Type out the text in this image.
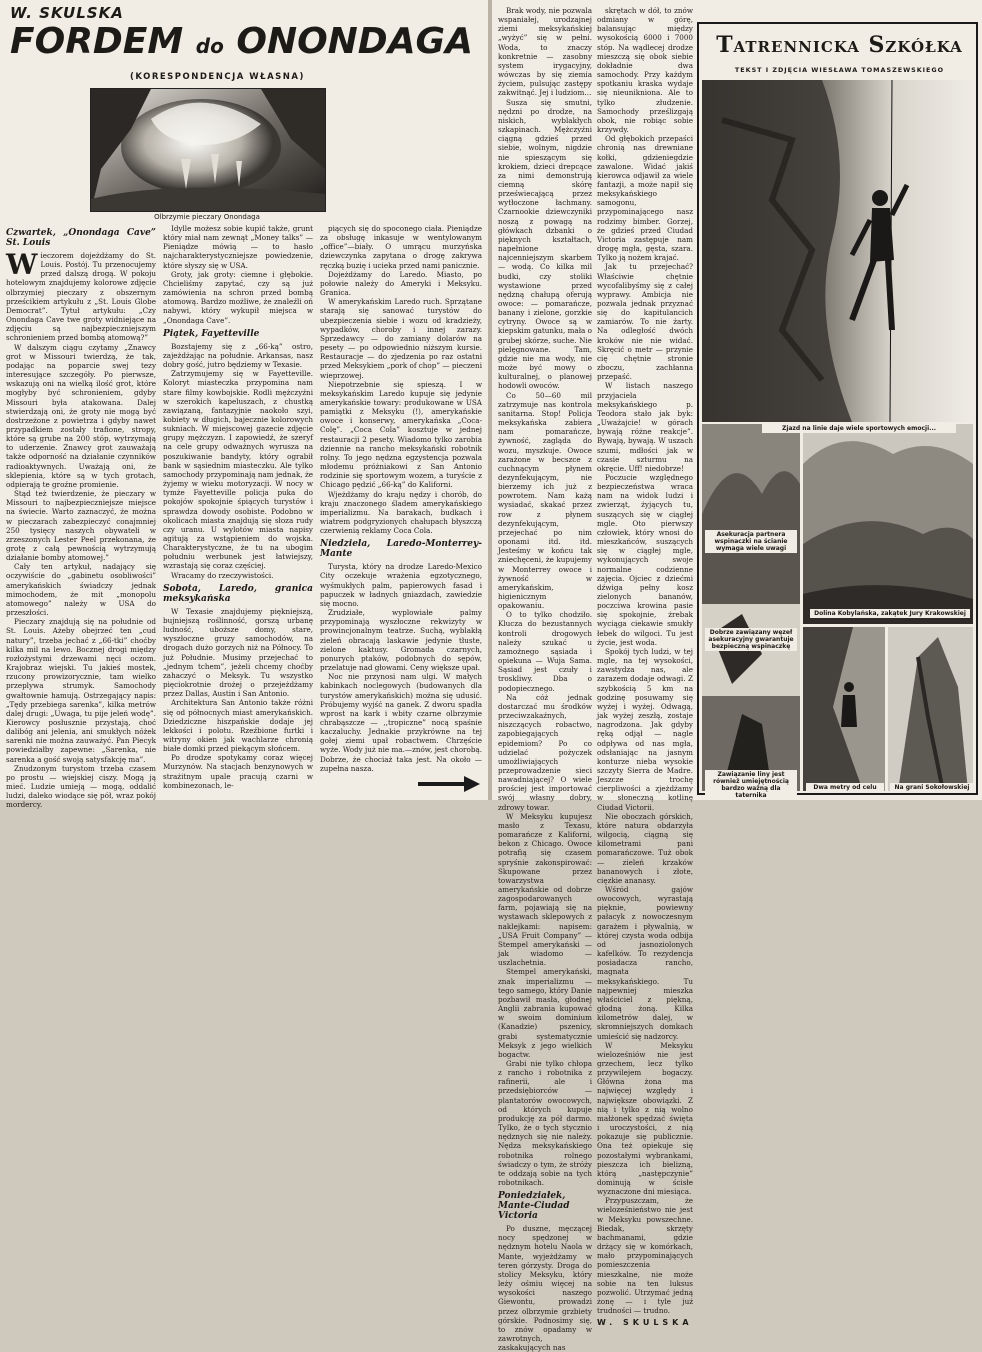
W. SKULSKA
FORDEM do ONONDAGA
(KORESPONDENCJA WŁASNA)
Olbrzymie pieczary Onondaga
Czwartek, „Onondaga Cave” St. Louis

Wieczorem dojeżdżamy do St. Louis. Postój. Tu przenocujemy przed dalszą drogą. W pokoju hotelowym znajdujemy kolorowe zdjęcie olbrzymiej pieczary z obszernym prześcikiem artykułu z „St. Louis Globe Democrat”. Tytuł artykułu: „Czy Onondaga Cave twe groty widniejące na zdjęciu są najbezpieczniejszym schronieniem przed bombą atomową?”

W dalszym ciągu czytamy „Znawcy grot w Missouri twierdzą, że tak, podając na poparcie swej tezy interesujące szczegóły. Po pierwsze, wskazują oni na wielką ilość grot, które mogłyby być schronieniem, gdyby Missouri była atakowana. Dalej stwierdzają oni, że groty nie mogą być dostrzeżone z powietrza i gdyby nawet przypadkiem zostały trafione, stropy, które są grube na 200 stóp, wytrzymają to uderzenie. Znawcy grot zauważają także odporność na działanie czynników radioaktywnych. Uważają oni, że sklepienia, które są w tych grotach, odpierają te groźne promienie.

Stąd też twierdzenie, że pieczary w Missouri to najbezpieczniejsze miejsce na świecie. Warto zaznaczyć, że można w pieczarach zabezpieczyć conajmniej 250 tysięcy naszych obywateli w zrzeszonych Lester Peel przekonana, że grotę z całą pewnością wytrzymują działanie bomby atomowej.”

Cały ten artykuł, nadający się oczywiście do „gabinetu osobliwości” amerykańskich świadczy jednak mimochodem, że mit „monopolu atomowego” należy w USA do przeszłości.

Pieczary znajdują się na południe od St. Louis. Ażeby obejrzeć ten „cud natury”, trzeba jechać z „66-tki” choćby kilka mil na lewo. Bocznej drogi między rozłożystymi drzewami nęci oczom. Krajobraz wiejski. Tu jakieś mostek, rzucony prowizorycznie, tam wielko przeplywa strumyk. Samochody gwałtownie hamują. Ostrzegający napis: „Tędy przebiega sarenka”, kilka metrów dalej drugi: „Uwaga, tu pije jeleń wodę”. Kierowcy posłusznie przystają, choć dalibóg ani jelenia, ani smukłych nóżek sarenki nie można zauważyć. Pan Piecyk powiedziałby zapewne: „Sarenka, nie sarenka a gość swoją satysfakcję ma”.

Znudzonym turystom trzeba czasem po prostu — wiejskiej ciszy. Mogą ją mieć. Ludzie umieją — mogą, oddalić ludzi, daleko wiodące się pół, wraz pokój mordercy.

Idylle możesz sobie kupić także, grunt który miał nam zewnąt „Money talks” — Pieniądze mówią — to hasło najcharakterystyczniejsze powiedzenie, które słyszy się w USA.

Groty, jak groty: ciemne i głębokie. Chcieliśmy zapytać, czy są już zamówienia na schron przed bombą atomową. Bardzo możliwe, że znaleźli oń nabywi, który wykupił miejsca w „Onondaga Cave”.

Piątek, Fayetteville

Bozstajemy się z „66-ką” ostro, zajeżdżając na południe. Arkansas, nasz dobry gość, jutro będziemy w Texasie.

Zatrzymujemy się w Fayetteville. Koloryt miasteczka przypomina nam stare filmy kowbojskie. Rodli mężczyźni w szerokich kapeluszach, z chustką zawiązaną, fantazyjnie naokoło szyi, kobiety w długich, bajecznie kolorowych sukniach. W miejscowej gazecie zdjęcie grupy mężczyzn. I zapowiedź, że szeryf na cele grupy odważnych wyrusza na poszukiwanie bandyty, który ograbił bank w sąsiednim miasteczku. Ale tylko samochody przypominają nam jednak, że żyjemy w wieku motoryzacji. W nocy w tymże Fayetteville policja puka do pokojów spokojnie śpiących turystów i sprawdza dowody osobiste. Podobno w okolicach miasta znajdują się słoza rudy czy uranu. U wylotów miasta napisy agitują za wstąpieniem do wojska. Charakterystyczne, że tu na ubogim południu werbunek jest łatwiejszy, wzrastają się coraz częściej.

Wracamy do rzeczywistości.

Sobota, Laredo, granica meksykańska

W Texasie znajdujemy piękniejszą, bujniejszą roślinność, gorszą urbanę ludność, uboższe domy, stare, wyszłoczne gruzy samochodów, na drogach dużo gorzych niż na Północy. To już Południe. Musimy przejechać to „jednym tchem”, jeżeli chcemy choćby zahaczyć o Meksyk. Tu wszystko pięciokrotnie drożej o przejeżdżamy przez Dallas, Austin i San Antonio.

Architektura San Antonio także różni się od północnych miast amerykańskich. Dziedziczne hiszpańskie dodaje jej lekkości i polotu. Rzeźbione furtki i witryny okien jak wachlarze chronią białe domki przed piekącym słońcem.

Po drodze spotykamy coraz więcej Murzynów. Na stacjach benzynowych w strażitnym upale pracują czarni w kombinezonach, le-

piących się do spoconego ciała. Pieniądze za obsługę inkasuje w wentylowanym „office”—biały. O umrącu murzyńska dziewczynka zapytana o drogę zakrywa ręczką buzię i ucieka przed nami panicznie.

Dojeżdżamy do Laredo. Miasto, po połowie należy do Ameryki i Meksyku. Granica.

W amerykańskim Laredo ruch. Sprzątane starają się sanować turystów do ubezpieczenia siebie i wozu od kradzieży, wypadków, choroby i innej zarazy. Sprzedawcy — do zamiany dolarów na pesety — po odpowiednio niższym kursie. Restauracje — do zjedzenia po raz ostatni przed Meksykiem „pork of chop” — pieczeni wieprzowej.

Niepotrzebnie się spieszą. I w meksykańskim Laredo kupuje się jedynie amerykańskie towary: produkowane w USA pamiątki z Meksyku (!), amerykańskie owoce i konserwy, amerykańska „Coca-Colę”. „Coca Cola” kosztuje w jednej restauracji 2 pesety. Wiadomo tylko zarobia dziennie na rancho meksykański robotnik rolny. To jego nędzna egzystencja pozwala młodemu próżniakowi z San Antonio rodzinie się sportowym wozem, a turyście z Chicago pędzić „66-ką” do Kaliforni.

Wjeżdżamy do kraju nędzy i chorób, do kraju znaczonego śladem amerykańskiego imperializmu. Na barakach, budkach i wiatrem podgryzionych chałupach błyszczą czerwienią reklamy Coca Cola.

Niedziela, Laredo-Monterrey-Mante

Turysta, który na drodze Laredo-Mexico City oczekuje wrażenia egzotycznego, wyśmukłych palm, papierowych fasad i papuczek w ładnych gniazdach, zawiedzie się mocno.

Zrudziałe, wyplowiałe palmy przypominają wyszłoczne rekwizyty w prowincjonalnym teatrze. Suchą, wyblakłą zieleń obracają laskawie jedynie tłuste, zielone kaktusy. Gromada czarnych, ponurych ptaków, podobnych do sępów, przelatuje nad głowami. Ceny większe upał.

Noc nie przynosi nam ulgi. W małych kabinkach noclegowych (budowanych dla turystów amerykańskich) można się udusić. Próbujemy wyjść na ganek. Z dworu spadła wprost na kark i wbity czarne olbrzymie chrabąszcze — ,,tropiczne” nocą spaśnie kaczaluchy. Jednakie przykrówne na tej gołej ziemi upał robactwem. Chrzęście wyże. Wody już nie ma.—znów, jest chorobą. Dobrze, że chociaż taka jest. Na około — zupełna nasza.

Brak wody, nie pozwala wspaniałej, urodzajnej ziemi meksykańskiej „wyżyć” się w pełni. Woda, to znaczy konkretnie — zasobny system irygacyjny, wówczas by się ziemia życiem, pulsując zastępy zakwitnąć. Jej i ludziom…

Susza się smutni, nędzni po drodze, na niskich, wyblakłych szkapinach. Mężczyźni ciągną gdzieś przed siebie, wolnym, nigdzie nie spieszącym się krokiem, dzieci drepcące za nimi demonstrują ciemną skórę przeświecającą przez wytłoczone łachmany. Czarnookie dziewczyniki noszą z powagą na główkach dzbanki o pięknych kształtach, napełnione najcenniejszym skarbem — wodą. Co kilka mil budki, czy stoliki wystawione przed nędzną chałupą oferują owoce: — pomarańcze, banany i zielone, gorzkie cytryny. Owoce są w kiepskim gatunku, mała o grubej skórze, suche. Nie pielęgnowane. Tam, gdzie nie ma wody, nie może być mowy o kulturalnej, o planowej hodowli owoców.

Co 50—60 mil zatrzymuje nas kontrola sanitarna. Stop! Policja meksykańska zabiera nam pomarańcze, żywność, zagląda do wozu, myszkuje. Owoce zarażone w becszce z cuchnącym płynem dezynfekującym, nie bierzemy ich już z powrotem. Nam każą wysiadać, skakać przez row z płynem dezynfekującym, przejechać po nim oponami itd. itd. Jesteśmy w końcu tak zniechęceni, że kupujemy w Monterrey owoce i żywność w amerykańskim, higienicznym opakowaniu.

O to tylko chodziło. Klucza do bezustannych kontroli drogowych należy szukać u zamożnego sąsiada i opiekuna — Wuja Sama. Sąsiad jest czuły i troskliwy. Dba o podopiecznego.

Na cóż jednak dostarczać mu środków przeciwzakaźnych, niszczących robactwo, zapobiegających epidemiom? Po co udzielać pożyczek umożliwiających przeprowadzenie sieci nawadniającej? O wiele prościej jest importować swój własny dobry, zdrowy towar.

W Meksyku kupujesz masło z Texasu, pomarańcze z Kaliforni, bekon z Chicago. Owoce potrafią się czasem spryśnie zakonspirować: Skupowane przez towarzystwa amerykańskie od dobrze zagospodarowanych farm, pojawiają się na wystawach sklepowych z naklejkami: napisem: „USA Fruit Company” — Stempel amerykański — jak wiadomo — uszlachetnia.

Stempel amerykański, znak imperializmu — tego samego, który Danie pozbawił masła, głodnej Anglii zabrania kupować w swoim dominium (Kanadzie) pszenicy, grabi systematycznie Meksyk z jego wielkich bogactw.

Grabi nie tylko chłopa z rancho i robotnika z rafinerii, ale i przedsiębiorców — plantatorów owocowych, od których kupuje produkcję za pół darmo. Tylko, że o tych stycznio nędznych się nie należy. Nędza meksykańskiego robotnika rolnego świadczy o tym, że stróży te oddzają sobie na tych robotnikach.

Poniedziałek, Mante-Ciudad Victoria

Po duszne, męczącej nocy spędzonej w nędznym hotelu Naola w Mante, wyjeżdżamy w teren górzysty. Droga do stolicy Meksyku, który leży ośmiu więcej na wysokości naszego Giewontu, prowadzi przez olbrzymie grzbiety górskie. Podnosimy się, to znów opadamy w zawrotnych, zaskakujących nas

skrętach w dół, to znów odmiany w górę, balansując między wysokością 6000 i 7000 stóp. Na wądlecej drodze mieszczą się obok siebie dokładnie dwa samochody. Przy każdym spotkaniu kraska wydaje się nieunikniona. Ale to tylko złudzenie. Samochody prześlizgają obok, nie robiąc sobie krzywdy.

Od głębokich przepaści chronią nas drewniane kołki, gdzieniegdzie zawalone. Widać jakiś kierowca odjawił za wiele fantazji, a może napił się meksykańskiego samogonu, przypominającego nasz rodzimy bimber. Gorzej, że gdzieś przed Ciudad Victoria zastępuje nam drogę mgła, gęsta, szara. Tylko ją nożem krajać.

Jak tu przejechać? Właściwie chętnie wycofalibyśmy się z całej wyprawy. Ambicja nie pozwala jednak przyznać się do kapitulancich zamiarów. To nie żarty. Na odległość dwóch kroków nie nie widać. Skręcić o metr — przynie cię chętnie stronie zboczu, zachłanna przepaść.

W listach naszego przyjaciela meksykańskiego p. Teodora stało jak byk: „Uważajcie! w górach bywają różne reakcje”. Bywają, bywają. W uszach szumi, mdłości jak w czasie szturmu na okręcie. Uff! niedobrze!

Poczucie względnego bezpieczeństwa wraca nam na widok ludzi i zwierząt, żyjących tu, suszących się w ciągłej mgle. Oto pierwszy człowiek, który wnosi do mieszkańców, suszących się w ciągłej mgle, wykonujących swoje normalne codzienne zajęcia. Ojciec z dziećmi dźwiga pełny kosz zielonych bananów, poczciwa krowina pasie się spokojnie, żrebak wyciąga ciekawie smukły łebek do wilgoci. Tu jest życie, jest woda.

Spokój tych ludzi, w tej mgle, na tej wysokości, zawstydza nas, ale zarazem dodaje odwagi. Z szybkością 5 km na godzinę posuwamy się wyżej i wyżej. Odwagą, jak wyżej zeszłą, zostaje nagrodzona. Jak gdyby ręką odjął — nagle odpływa od nas mgła, odsłaniając na jasnym konturze nieba wysokie szczyty Sierra de Madre. Jeszcze trochę cierpliwości a zjeżdżamy w słoneczną kotlinę Ciudad Victorii.

Nie oboczach górskich, które natura obdarzyła wilgocią, ciągną się kilometrami pani pomarańczowe. Tuż obok — zieleń krzaków bananowych i złote, cięzkie ananasy.

Wśród gajów owocowych, wyrastają pięknie, powiewny pałacyk z nowoczesnym garażem i pływalnią, w której czysta woda odbija od jasnoziolonych kafelków. To rezydencja posiadacza rancho, magnata meksykańskiego. Tu najpewniej mieszka właściciel z piękną, głodną żoną. Kilka kilometrów dalej, w skromniejszych domkach umieścić się nadzorcy.

W Meksyku wieloześniów nie jest grzechem, lecz tylko przywilejem bogaczy. Główna żona ma najwięcej względy i największe obowiązki. Z nią i tylko z nią wolno małżonek spędzać święta i uroczystości, z nią pokazuje się publicznie. Ona też opiekuje się pozostałymi wybrankami, pieszcza ich bielizną, którą „następczynie” dominują w ścisłe wyznaczone dni miesiąca.

Przypuszczam, że wieloześnieństwo nie jest w Meksyku powszechne. Biedak, skrzęty bachmanami, gdzie drżący się w komórkach, mało przypominających pomieszczenia mieszkalne, nie może sobie na ten luksus pozwolić. Utrzymać jedną żonę — i tyle już trudności — trudno.

W. SKULSKA
Tatrennicka Szkółka
TEKST I ZDJĘCIA WIESŁAWA TOMASZEWSKIEGO
Zjazd na linie daje wiele sportowych emocji...
Asekuracja partnera wspinaczki na ścianie wymaga wiele uwagi
Dolina Kobylańska, zakątek Jury Krakowskiej
Dobrze zawiązany węzeł asekuracyjny gwarantuje bezpieczną wspinaczkę
Zawiązanie liny jest również umiejętnością bardzo ważną dla taternika
Dwa metry od celu	Na grani Sokołowskiej
